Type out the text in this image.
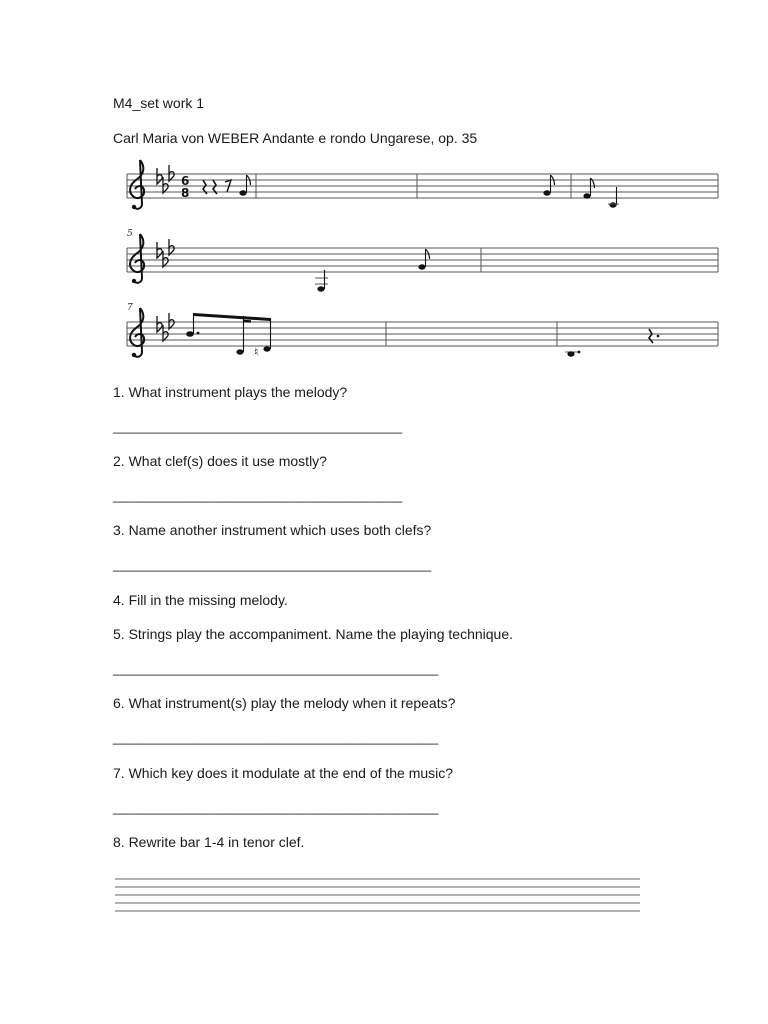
M4_set work 1
Carl Maria von WEBER Andante e rondo Ungarese, op. 35
6
8
5
7
♮
1. What instrument plays the melody?
________________________________________
2. What clef(s) does it use mostly?
________________________________________
3. Name another instrument which uses both clefs?
____________________________________________
4. Fill in the missing melody.
5. Strings play the accompaniment. Name the playing technique.
_____________________________________________
6. What instrument(s) play the melody when it repeats?
_____________________________________________
7. Which key does it modulate at the end of the music?
_____________________________________________
8. Rewrite bar 1-4 in tenor clef.
